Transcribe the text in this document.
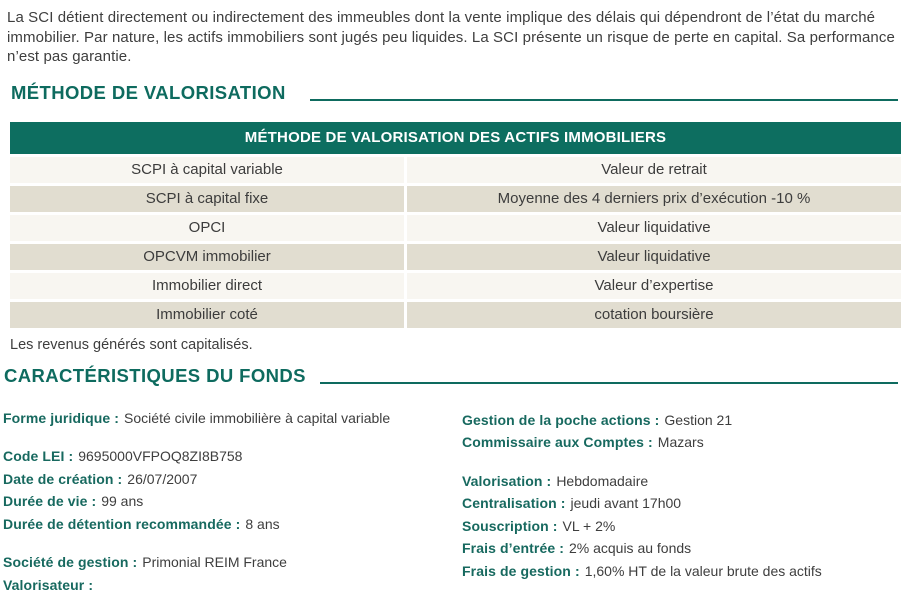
La SCI détient directement ou indirectement des immeubles dont la vente implique des délais qui dépendront de l’état du marché immobilier. Par nature, les actifs immobiliers sont jugés peu liquides. La SCI présente un risque de perte en capital. Sa performance n’est pas garantie.

MÉTHODE DE VALORISATION
MÉTHODE DE VALORISATION DES ACTIFS IMMOBILIERS
SCPI à capital variable	Valeur de retrait
SCPI à capital fixe	Moyenne des 4 derniers prix d’exécution -10 %
OPCI	Valeur liquidative
OPCVM immobilier	Valeur liquidative
Immobilier direct	Valeur d’expertise
Immobilier coté	cotation boursière

Les revenus générés sont capitalisés.

CARACTÉRISTIQUES DU FONDS
Forme juridique : Société civile immobilière à capital variable
Code LEI : 9695000VFPOQ8ZI8B758
Date de création : 26/07/2007
Durée de vie : 99 ans
Durée de détention recommandée : 8 ans
Société de gestion : Primonial REIM France
Valorisateur :
Gestion de la poche actions : Gestion 21
Commissaire aux Comptes : Mazars
Valorisation : Hebdomadaire
Centralisation : jeudi avant 17h00
Souscription : VL + 2%
Frais d’entrée : 2% acquis au fonds
Frais de gestion : 1,60% HT de la valeur brute des actifs
